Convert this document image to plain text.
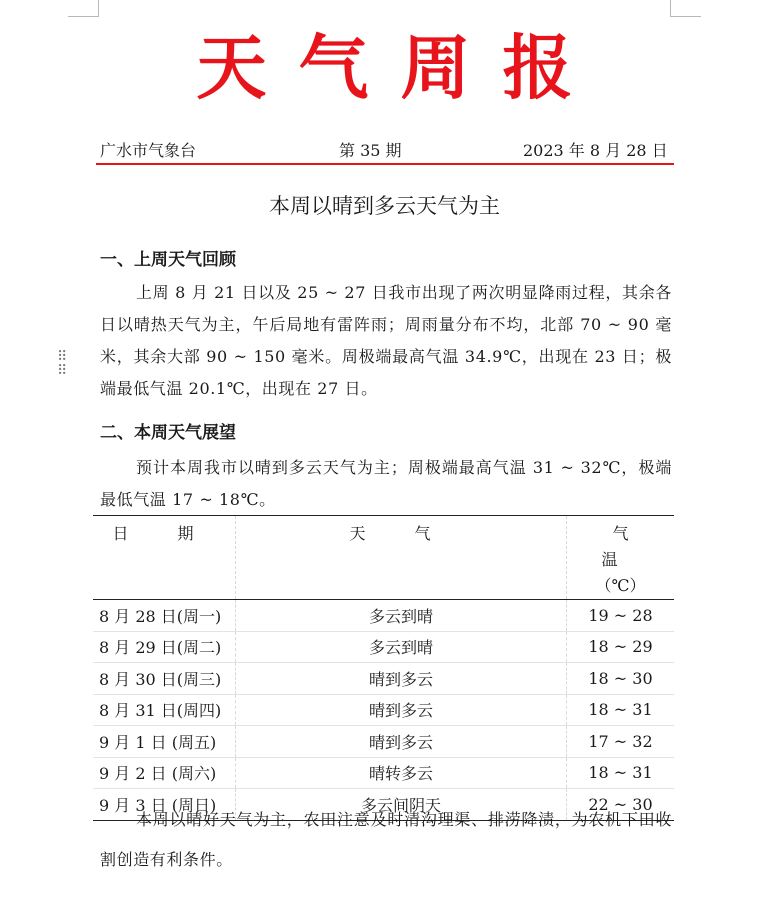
天气周报
广水市气象台	第 35 期	2023 年 8 月 28 日
本周以晴到多云天气为主
一、上周天气回顾
上周 8 月 21 日以及 25 ~ 27 日我市出现了两次明显降雨过程，其余各日以晴热天气为主，午后局地有雷阵雨；周雨量分布不均，北部 70 ~ 90 毫米，其余大部 90 ~ 150 毫米。周极端最高气温 34.9℃，出现在 23 日；极端最低气温 20.1℃，出现在 27 日。
⠿
⠿
二、本周天气展望
预计本周我市以晴到多云天气为主；周极端最高气温 31 ~ 32℃，极端最低气温 17 ~ 18℃。
日 期	天 气	气 温
（℃）

8 月 28 日(周一)	多云到晴	19 ~ 28
8 月 29 日(周二)	多云到晴	18 ~ 29
8 月 30 日(周三)	晴到多云	18 ~ 30
8 月 31 日(周四)	晴到多云	18 ~ 31
9 月 1 日 (周五)	晴到多云	17 ~ 32
9 月 2 日 (周六)	晴转多云	18 ~ 31
9 月 3 日 (周日)	多云间阴天	22 ~ 30
本周以晴好天气为主，农田注意及时清沟理渠、排涝降渍，为农机下田收割创造有利条件。
